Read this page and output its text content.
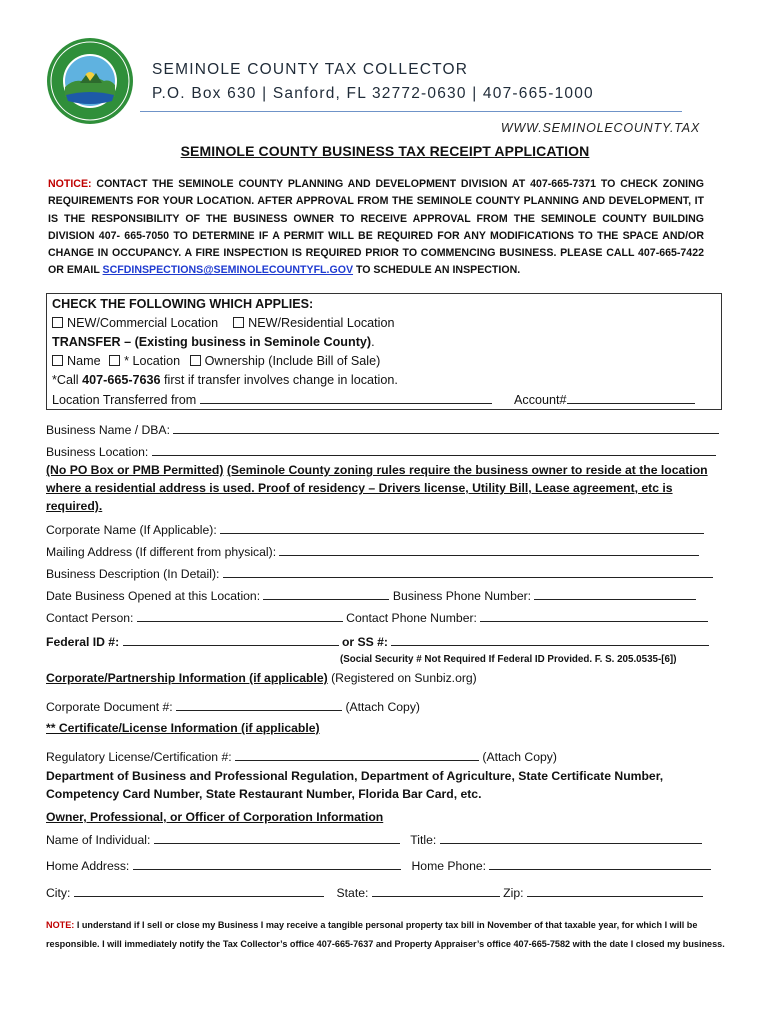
SEMINOLE COUNTY TAX COLLECTOR
P.O. Box 630 | Sanford, FL 32772-0630 | 407-665-1000
WWW.SEMINOLECOUNTY.TAX
SEMINOLE COUNTY BUSINESS TAX RECEIPT APPLICATION
NOTICE: CONTACT THE SEMINOLE COUNTY PLANNING AND DEVELOPMENT DIVISION AT 407-665-7371 TO CHECK ZONING REQUIREMENTS FOR YOUR LOCATION. AFTER APPROVAL FROM THE SEMINOLE COUNTY PLANNING AND DEVELOPMENT, IT IS THE RESPONSIBILITY OF THE BUSINESS OWNER TO RECEIVE APPROVAL FROM THE SEMINOLE COUNTY BUILDING DIVISION 407- 665-7050 TO DETERMINE IF A PERMIT WILL BE REQUIRED FOR ANY MODIFICATIONS TO THE SPACE AND/OR CHANGE IN OCCUPANCY. A FIRE INSPECTION IS REQUIRED PRIOR TO COMMENCING BUSINESS. PLEASE CALL 407-665-7422 OR EMAIL SCFDINSPECTIONS@SEMINOLECOUNTYFL.GOV TO SCHEDULE AN INSPECTION.
CHECK THE FOLLOWING WHICH APPLIES:
NEW/Commercial Location NEW/Residential Location
TRANSFER – (Existing business in Seminole County).
Name * Location Ownership (Include Bill of Sale)
*Call 407-665-7636 first if transfer involves change in location.
Location Transferred from	Account#
Business Name / DBA:
Business Location:
(No PO Box or PMB Permitted) (Seminole County zoning rules require the business owner to reside at the location where a residential address is used. Proof of residency – Drivers license, Utility Bill, Lease agreement, etc is required).
Corporate Name (If Applicable):
Mailing Address (If different from physical):
Business Description (In Detail):
Date Business Opened at this Location:	Business Phone Number:
Contact Person:	Contact Phone Number:
Federal ID #:	or SS #:
(Social Security # Not Required If Federal ID Provided. F. S. 205.0535-[6])
Corporate/Partnership Information (if applicable) (Registered on Sunbiz.org)
Corporate Document #:	(Attach Copy)
** Certificate/License Information (if applicable)
Regulatory License/Certification #:	(Attach Copy)
Department of Business and Professional Regulation, Department of Agriculture, State Certificate Number, Competency Card Number, State Restaurant Number, Florida Bar Card, etc.
Owner, Professional, or Officer of Corporation Information
Name of Individual:	Title:
Home Address:	Home Phone:
City:	State:	Zip:
NOTE: I understand if I sell or close my Business I may receive a tangible personal property tax bill in November of that taxable year, for which I will be responsible. I will immediately notify the Tax Collector’s office 407-665-7637 and Property Appraiser’s office 407-665-7582 with the date I closed my business.
